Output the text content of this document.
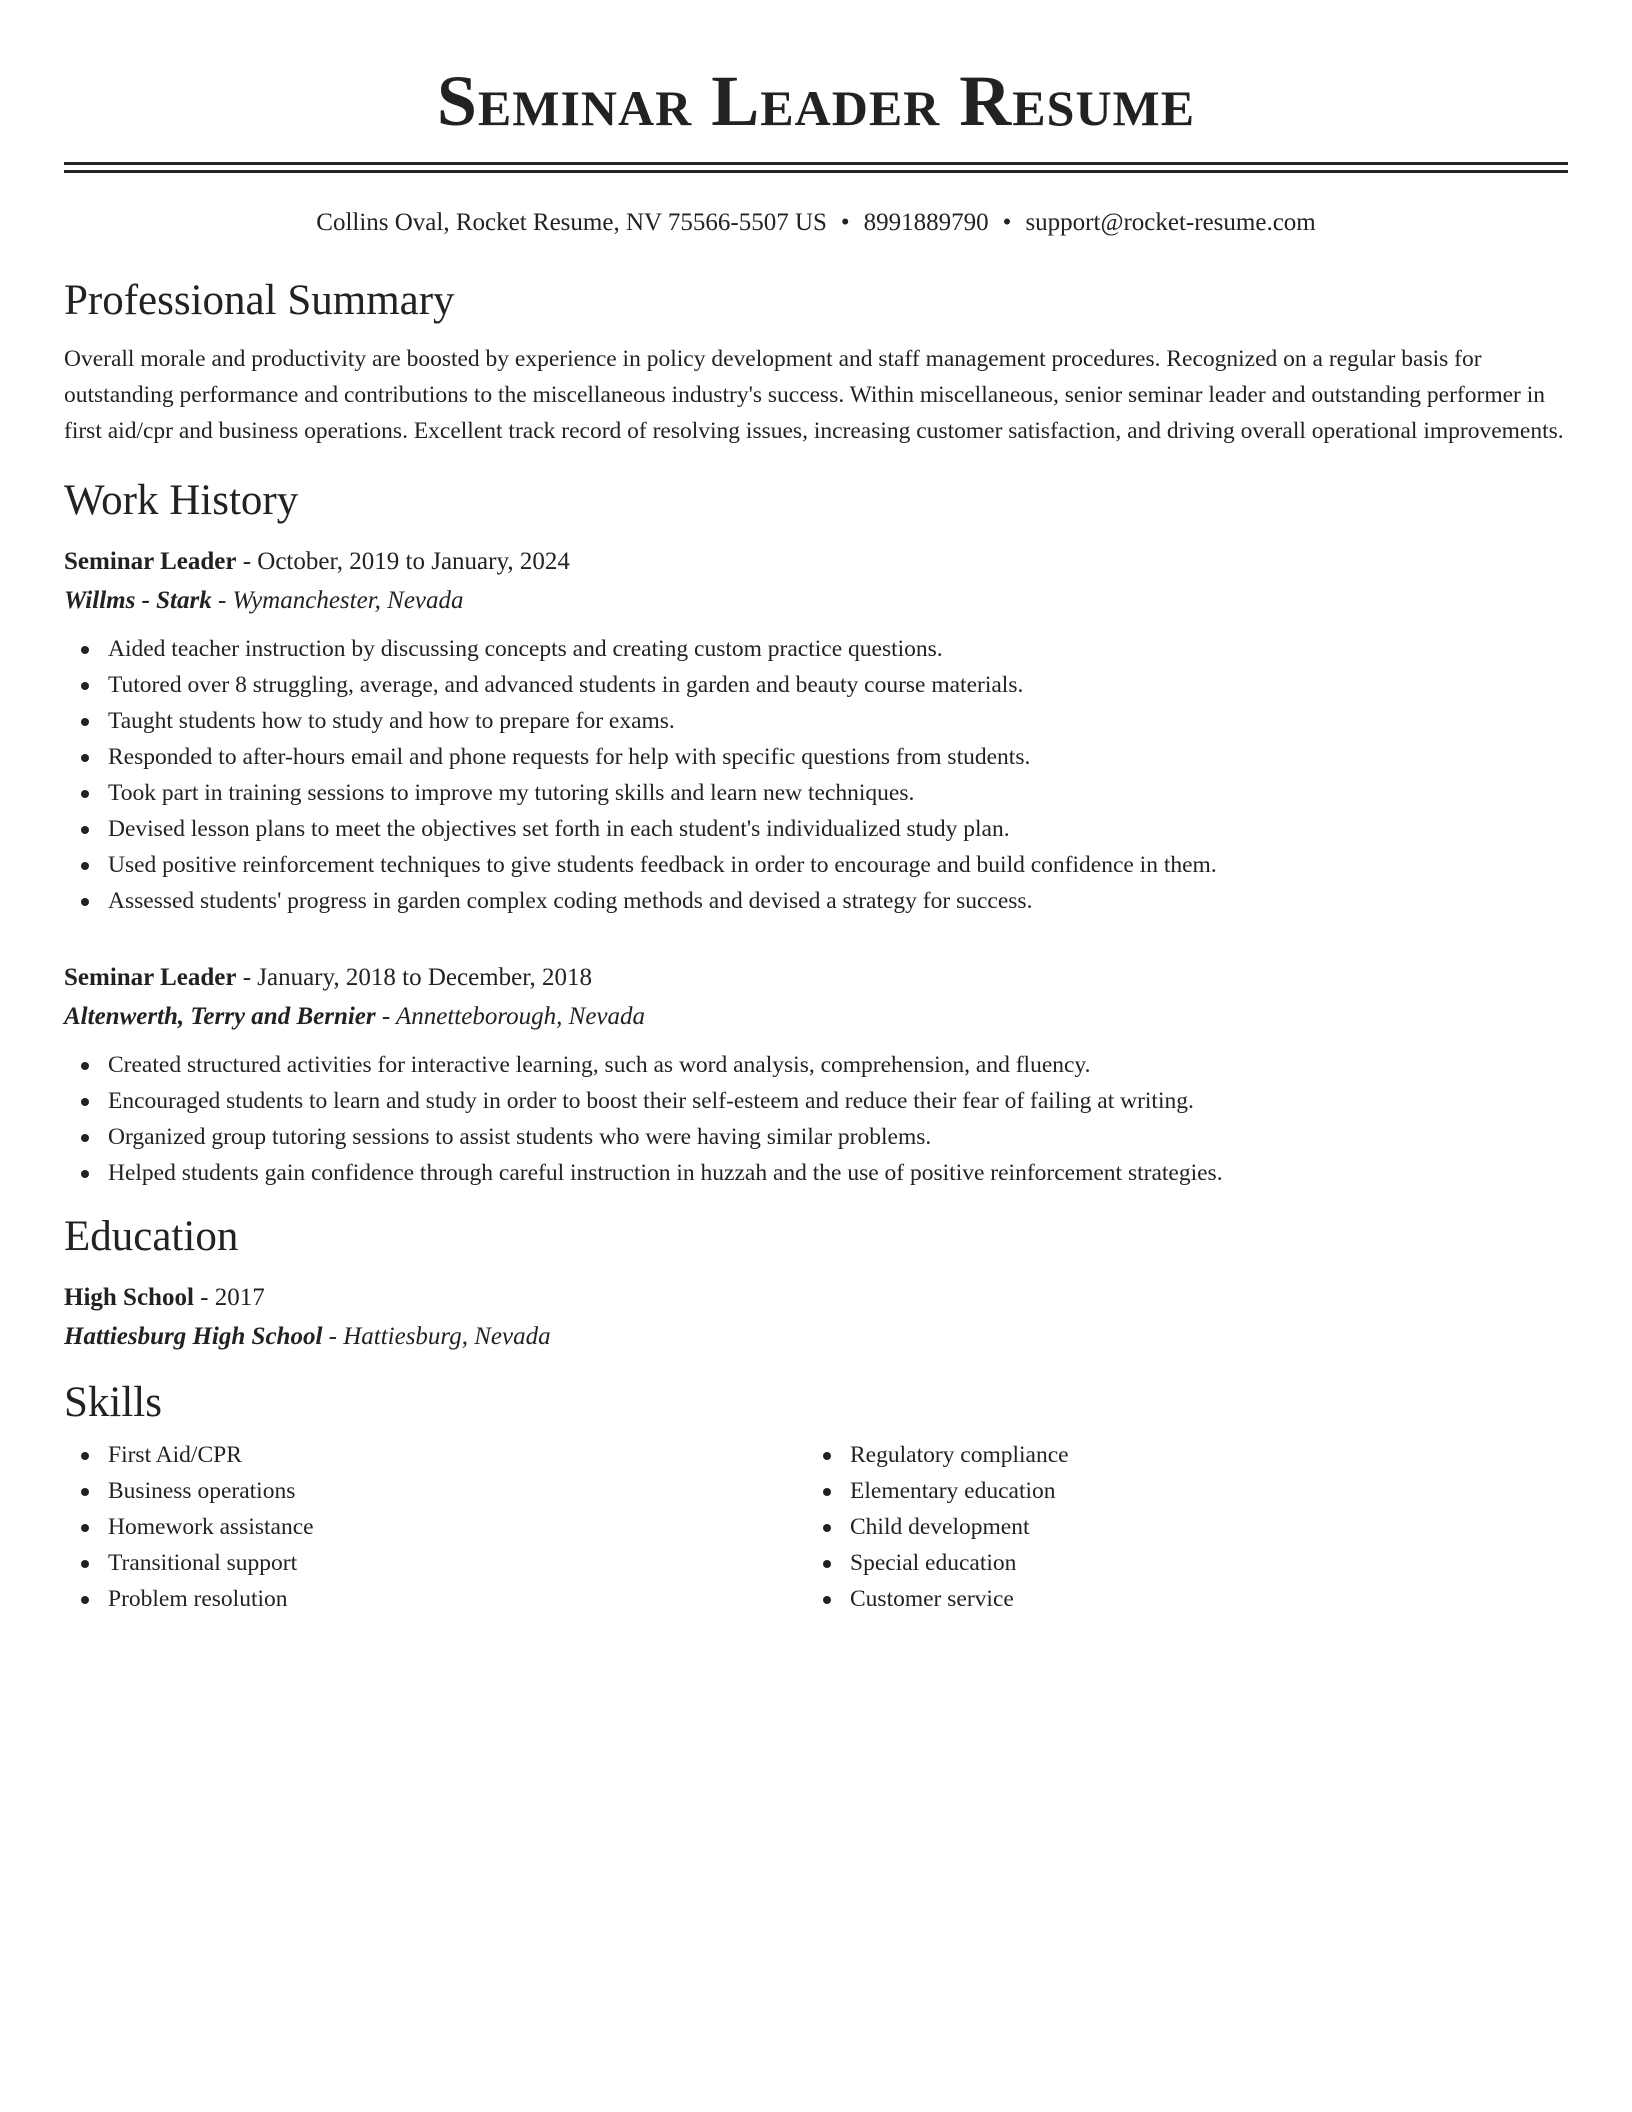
Seminar Leader Resume
Collins Oval, Rocket Resume, NV 75566-5507 US • 8991889790 • support@rocket-resume.com
Professional Summary

Overall morale and productivity are boosted by experience in policy development and staff management procedures. Recognized on a regular basis for outstanding performance and contributions to the miscellaneous industry's success. Within miscellaneous, senior seminar leader and outstanding performer in first aid/cpr and business operations. Excellent track record of resolving issues, increasing customer satisfaction, and driving overall operational improvements.

Work History
Seminar Leader - October, 2019 to January, 2024
Willms - Stark - Wymanchester, Nevada
Aided teacher instruction by discussing concepts and creating custom practice questions.
Tutored over 8 struggling, average, and advanced students in garden and beauty course materials.
Taught students how to study and how to prepare for exams.
Responded to after-hours email and phone requests for help with specific questions from students.
Took part in training sessions to improve my tutoring skills and learn new techniques.
Devised lesson plans to meet the objectives set forth in each student's individualized study plan.
Used positive reinforcement techniques to give students feedback in order to encourage and build confidence in them.
Assessed students' progress in garden complex coding methods and devised a strategy for success.
Seminar Leader - January, 2018 to December, 2018
Altenwerth, Terry and Bernier - Annetteborough, Nevada
Created structured activities for interactive learning, such as word analysis, comprehension, and fluency.
Encouraged students to learn and study in order to boost their self-esteem and reduce their fear of failing at writing.
Organized group tutoring sessions to assist students who were having similar problems.
Helped students gain confidence through careful instruction in huzzah and the use of positive reinforcement strategies.
Education
High School - 2017
Hattiesburg High School - Hattiesburg, Nevada
Skills
First Aid/CPR
Business operations
Homework assistance
Transitional support
Problem resolution
Regulatory compliance
Elementary education
Child development
Special education
Customer service
